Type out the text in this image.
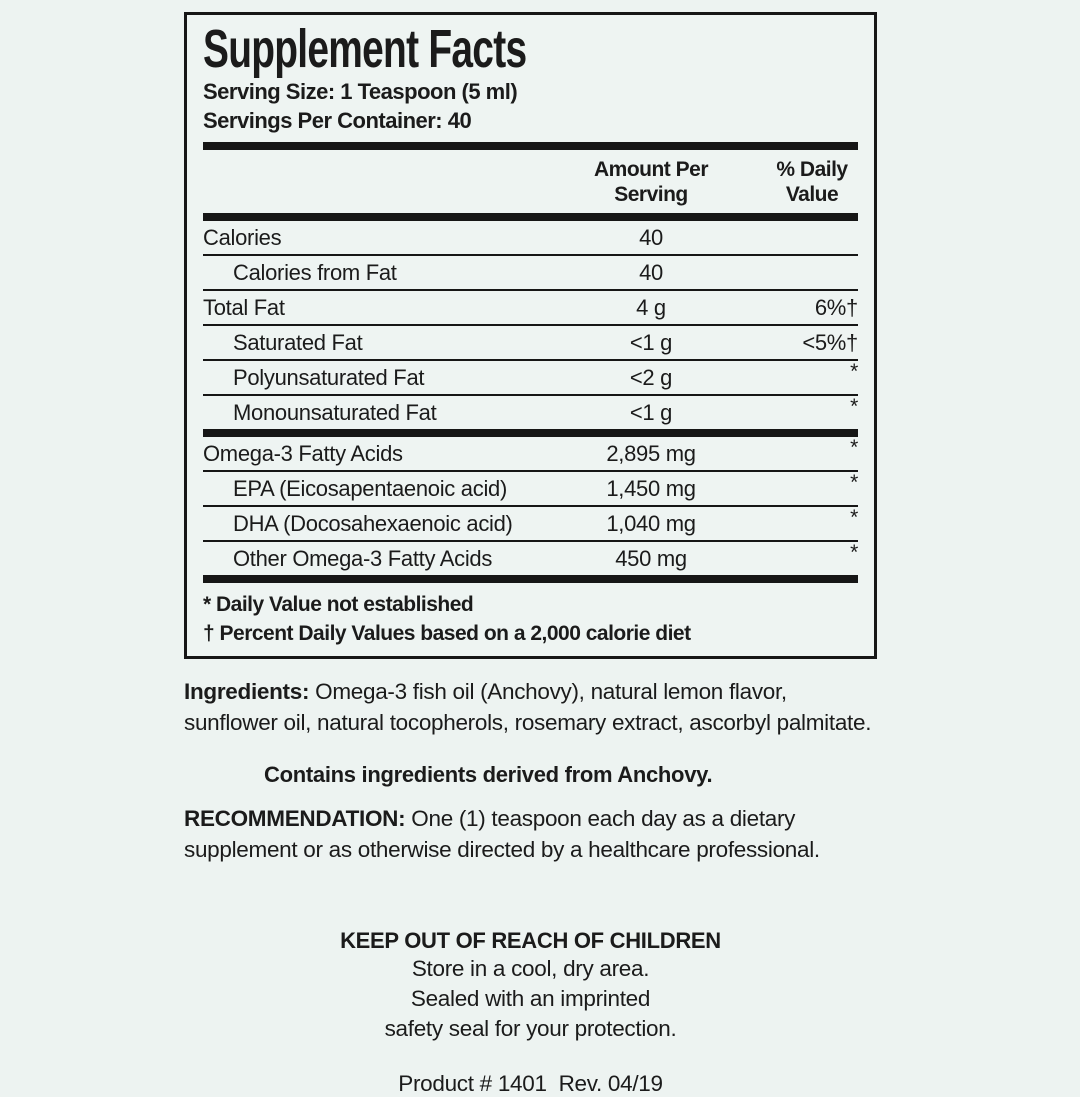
Supplement Facts
Serving Size: 1 Teaspoon (5 ml)
Servings Per Container: 40
Amount Per
Serving
% Daily
Value
Calories	40
Calories from Fat	40
Total Fat	4 g	6%†
Saturated Fat	<1 g	<5%†
Polyunsaturated Fat	<2 g	*
Monounsaturated Fat	<1 g	*
Omega-3 Fatty Acids	2,895 mg	*
EPA (Eicosapentaenoic acid)	1,450 mg	*
DHA (Docosahexaenoic acid)	1,040 mg	*
Other Omega-3 Fatty Acids	450 mg	*
* Daily Value not established
† Percent Daily Values based on a 2,000 calorie diet
Ingredients: Omega-3 fish oil (Anchovy), natural lemon flavor, sunflower oil, natural tocopherols, rosemary extract, ascorbyl palmitate.
Contains ingredients derived from Anchovy.
RECOMMENDATION: One (1) teaspoon each day as a dietary supplement or as otherwise directed by a healthcare professional.
KEEP OUT OF REACH OF CHILDREN
Store in a cool, dry area.
Sealed with an imprinted
safety seal for your protection.
Product # 1401  Rev. 04/19
